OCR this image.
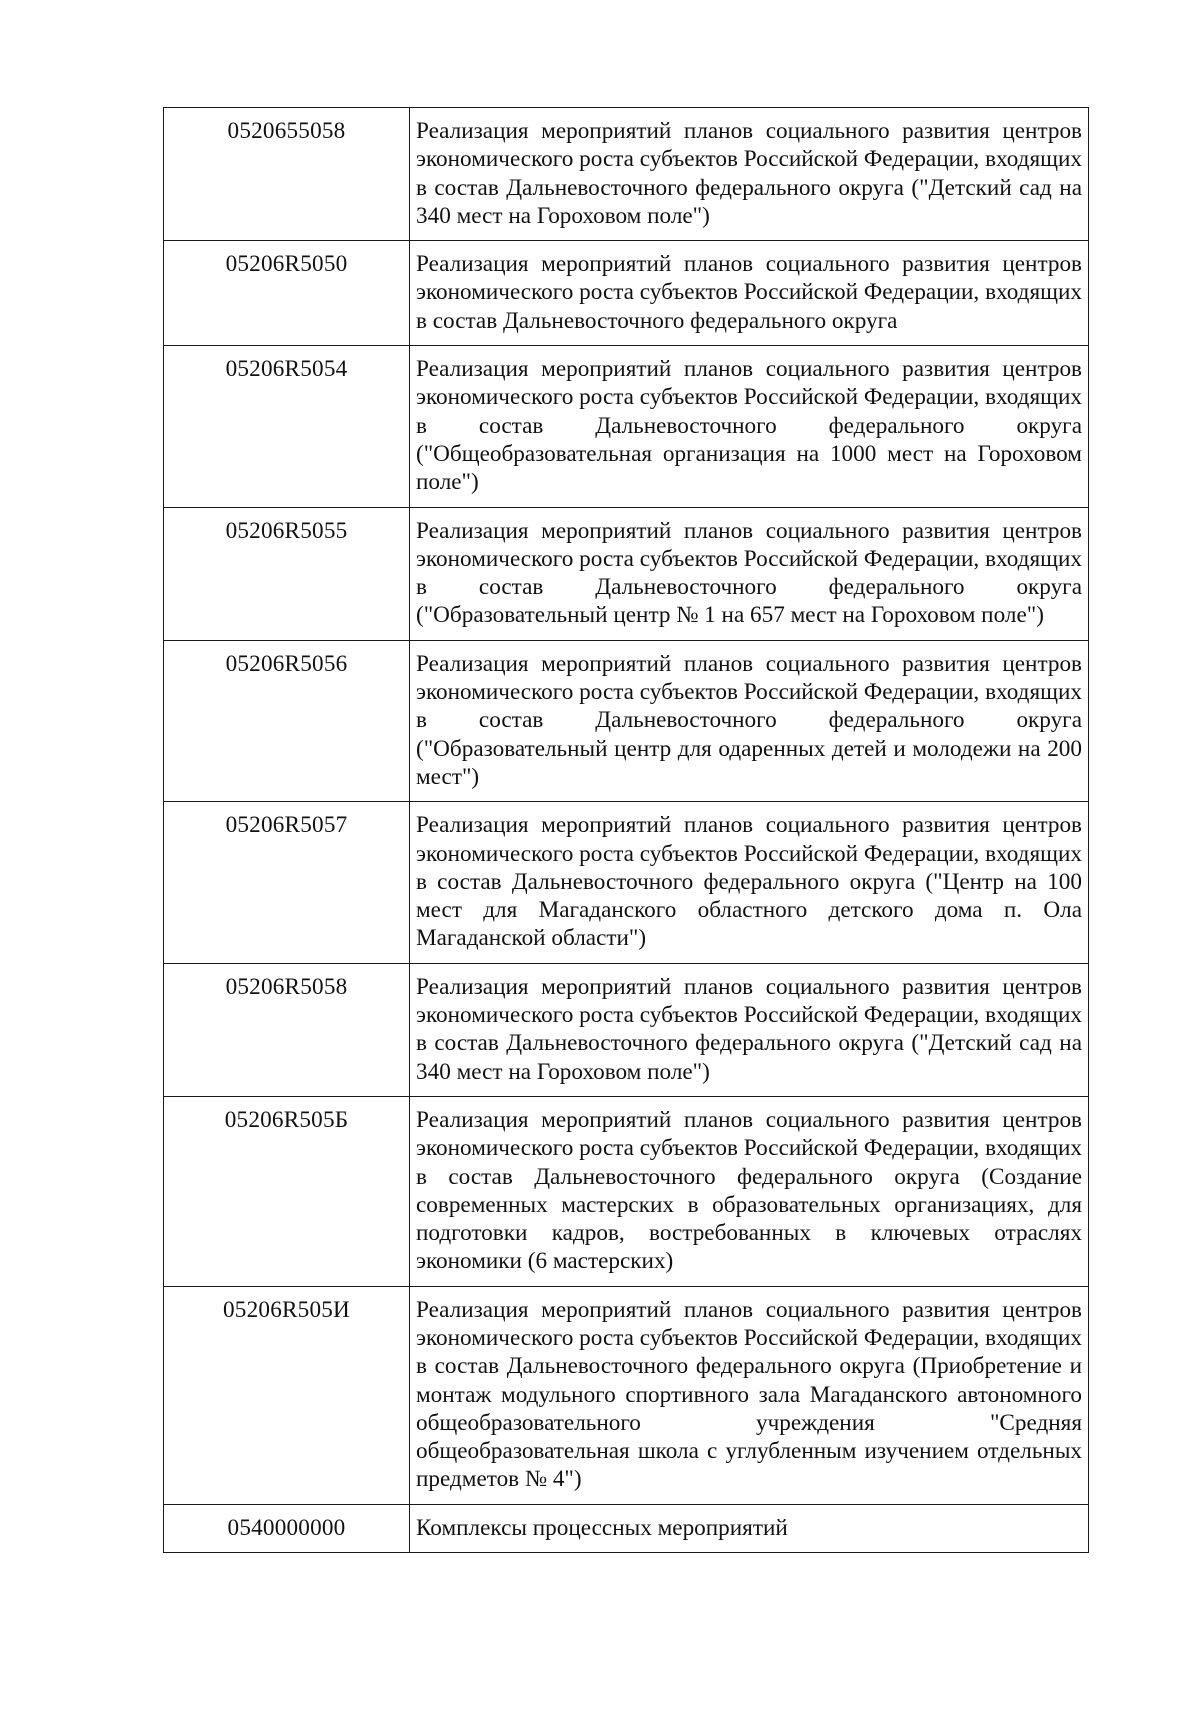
0520655058	Реализация мероприятий планов социального развития центров экономического роста субъектов Российской Федерации, входящих в состав Дальневосточного федерального округа ("Детский сад на 340 мест на Гороховом поле")
05206R5050	Реализация мероприятий планов социального развития центров экономического роста субъектов Российской Федерации, входящих в состав Дальневосточного федерального округа
05206R5054	Реализация мероприятий планов социального развития центров экономического роста субъектов Российской Федерации, входящих в состав Дальневосточного федерального округа ("Общеобразовательная организация на 1000 мест на Гороховом поле")
05206R5055	Реализация мероприятий планов социального развития центров экономического роста субъектов Российской Федерации, входящих в состав Дальневосточного федерального округа ("Образовательный центр № 1 на 657 мест на Гороховом поле")
05206R5056	Реализация мероприятий планов социального развития центров экономического роста субъектов Российской Федерации, входящих в состав Дальневосточного федерального округа ("Образовательный центр для одаренных детей и молодежи на 200 мест")
05206R5057	Реализация мероприятий планов социального развития центров экономического роста субъектов Российской Федерации, входящих в состав Дальневосточного федерального округа ("Центр на 100 мест для Магаданского областного детского дома п. Ола Магаданской области")
05206R5058	Реализация мероприятий планов социального развития центров экономического роста субъектов Российской Федерации, входящих в состав Дальневосточного федерального округа ("Детский сад на 340 мест на Гороховом поле")
05206R505Б	Реализация мероприятий планов социального развития центров экономического роста субъектов Российской Федерации, входящих в состав Дальневосточного федерального округа (Создание современных мастерских в образовательных организациях, для подготовки кадров, востребованных в ключевых отраслях экономики (6 мастерских)
05206R505И	Реализация мероприятий планов социального развития центров экономического роста субъектов Российской Федерации, входящих в состав Дальневосточного федерального округа (Приобретение и монтаж модульного спортивного зала Магаданского автономного общеобразовательного учреждения "Средняя общеобразовательная школа с углубленным изучением отдельных предметов № 4")
0540000000	Комплексы процессных мероприятий
